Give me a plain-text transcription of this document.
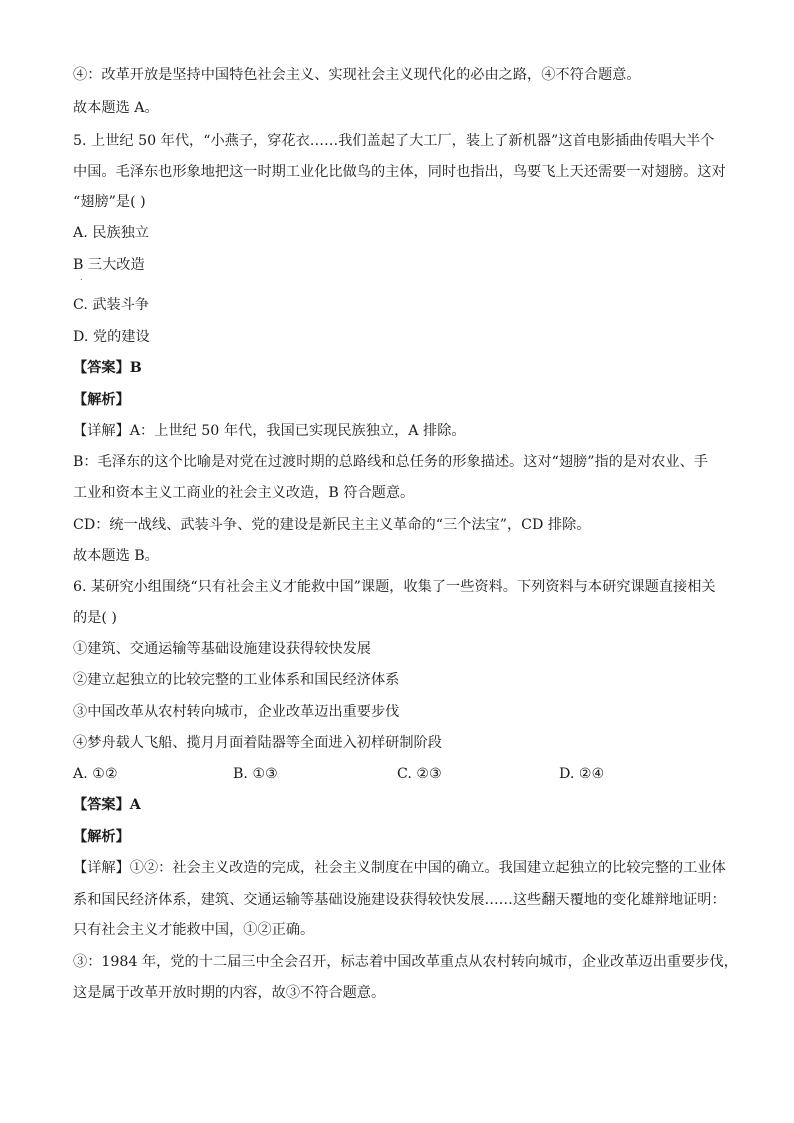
④：改革开放是坚持中国特色社会主义、实现社会主义现代化的必由之路，④不符合题意。
故本题选 A。
5. 上世纪 50 年代，“小燕子，穿花衣……我们盖起了大工厂，装上了新机器”这首电影插曲传唱大半个
中国。毛泽东也形象地把这一时期工业化比做鸟的主体，同时也指出，鸟要飞上天还需要一对翅膀。这对
“翅膀”是( )
A. 民族独立
B 三大改造
.
C. 武装斗争
D. 党的建设
【答案】B
【解析】
【详解】A：上世纪 50 年代，我国已实现民族独立，A 排除。
B：毛泽东的这个比喻是对党在过渡时期的总路线和总任务的形象描述。这对“翅膀”指的是对农业、手
工业和资本主义工商业的社会主义改造，B 符合题意。
CD：统一战线、武装斗争、党的建设是新民主主义革命的“三个法宝”，CD 排除。
故本题选 B。
6. 某研究小组围绕“只有社会主义才能救中国”课题，收集了一些资料。下列资料与本研究课题直接相关
的是( )
①建筑、交通运输等基础设施建设获得较快发展
②建立起独立的比较完整的工业体系和国民经济体系
③中国改革从农村转向城市，企业改革迈出重要步伐
④梦舟载人飞船、揽月月面着陆器等全面进入初样研制阶段
A. ①②	B. ①③	C. ②③	D. ②④
【答案】A
【解析】
【详解】①②：社会主义改造的完成，社会主义制度在中国的确立。我国建立起独立的比较完整的工业体
系和国民经济体系，建筑、交通运输等基础设施建设获得较快发展……这些翻天覆地的变化雄辩地证明：
只有社会主义才能救中国，①②正确。
③：1984 年，党的十二届三中全会召开，标志着中国改革重点从农村转向城市，企业改革迈出重要步伐，
这是属于改革开放时期的内容，故③不符合题意。
